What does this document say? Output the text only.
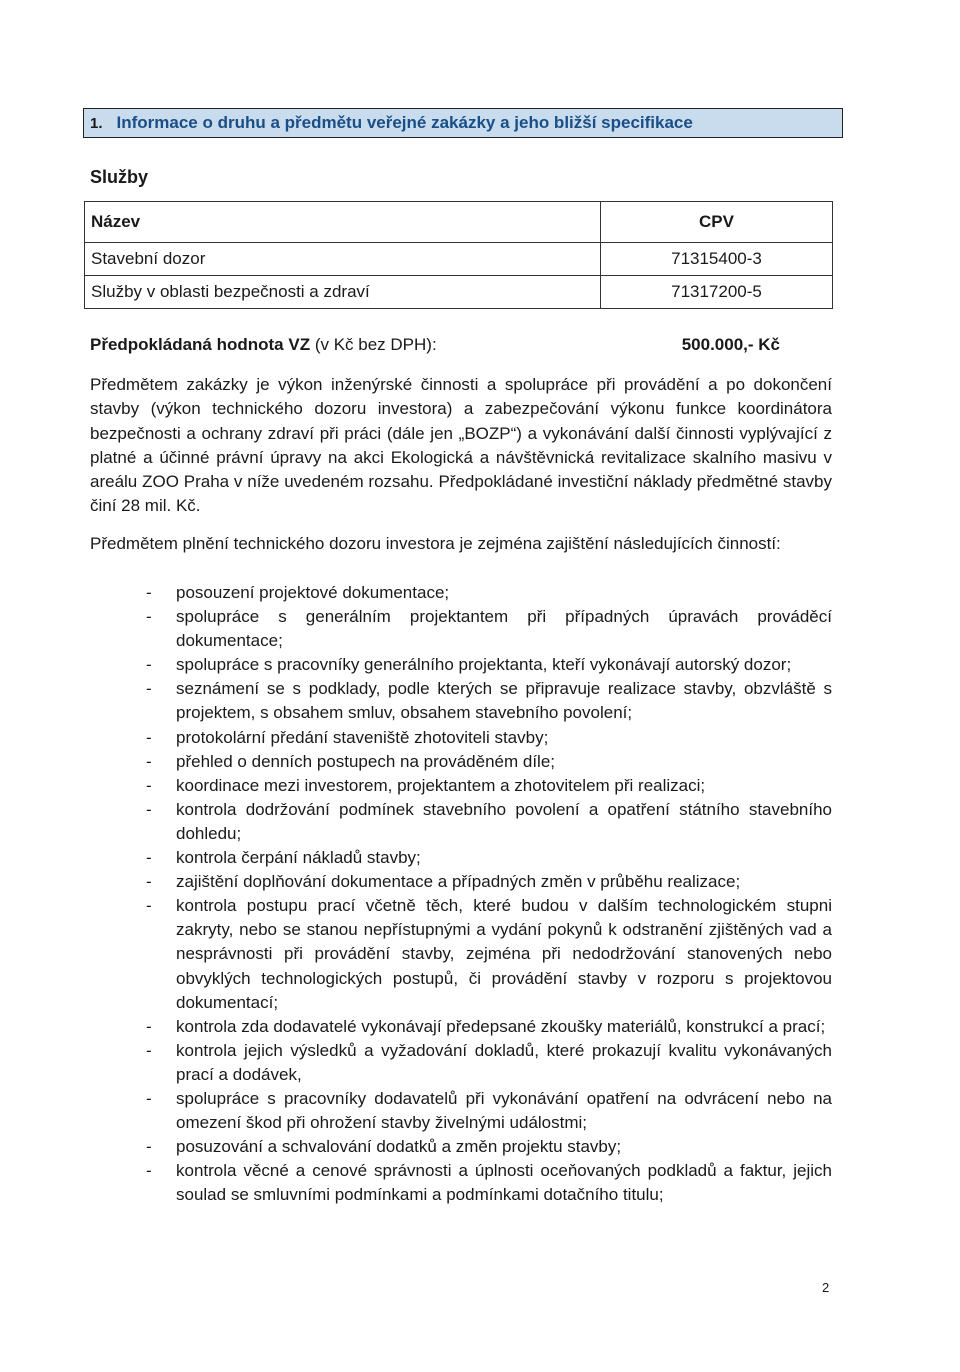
1. Informace o druhu a předmětu veřejné zakázky a jeho bližší specifikace
Služby
Název	CPV
Stavební dozor	71315400-3
Služby v oblasti bezpečnosti a zdraví	71317200-5
Předpokládaná hodnota VZ (v Kč bez DPH):	500.000,- Kč

Předmětem zakázky je výkon inženýrské činnosti a spolupráce při provádění a po dokončení stavby (výkon technického dozoru investora) a zabezpečování výkonu funkce koordinátora bezpečnosti a ochrany zdraví při práci (dále jen „BOZP“) a vykonávání další činnosti vyplývající z platné a účinné právní úpravy na akci Ekologická a návštěvnická revitalizace skalního masivu v areálu ZOO Praha v níže uvedeném rozsahu. Předpokládané investiční náklady předmětné stavby činí 28 mil. Kč.

Předmětem plnění technického dozoru investora je zejména zajištění následujících činností:

- posouzení projektové dokumentace;
- spolupráce s generálním projektantem při případných úpravách prováděcí dokumentace;
- spolupráce s pracovníky generálního projektanta, kteří vykonávají autorský dozor;
- seznámení se s podklady, podle kterých se připravuje realizace stavby, obzvláště s projektem, s obsahem smluv, obsahem stavebního povolení;
- protokolární předání staveniště zhotoviteli stavby;
- přehled o denních postupech na prováděném díle;
- koordinace mezi investorem, projektantem a zhotovitelem při realizaci;
- kontrola dodržování podmínek stavebního povolení a opatření státního stavebního dohledu;
- kontrola čerpání nákladů stavby;
- zajištění doplňování dokumentace a případných změn v průběhu realizace;
- kontrola postupu prací včetně těch, které budou v dalším technologickém stupni zakryty, nebo se stanou nepřístupnými a vydání pokynů k odstranění zjištěných vad a nesprávnosti při provádění stavby, zejména při nedodržování stanovených nebo obvyklých technologických postupů, či provádění stavby v rozporu s projektovou dokumentací;
- kontrola zda dodavatelé vykonávají předepsané zkoušky materiálů, konstrukcí a prací;
- kontrola jejich výsledků a vyžadování dokladů, které prokazují kvalitu vykonávaných prací a dodávek,
- spolupráce s pracovníky dodavatelů při vykonávání opatření na odvrácení nebo na omezení škod při ohrožení stavby živelnými událostmi;
- posuzování a schvalování dodatků a změn projektu stavby;
- kontrola věcné a cenové správnosti a úplnosti oceňovaných podkladů a faktur, jejich soulad se smluvními podmínkami a podmínkami dotačního titulu;
2
